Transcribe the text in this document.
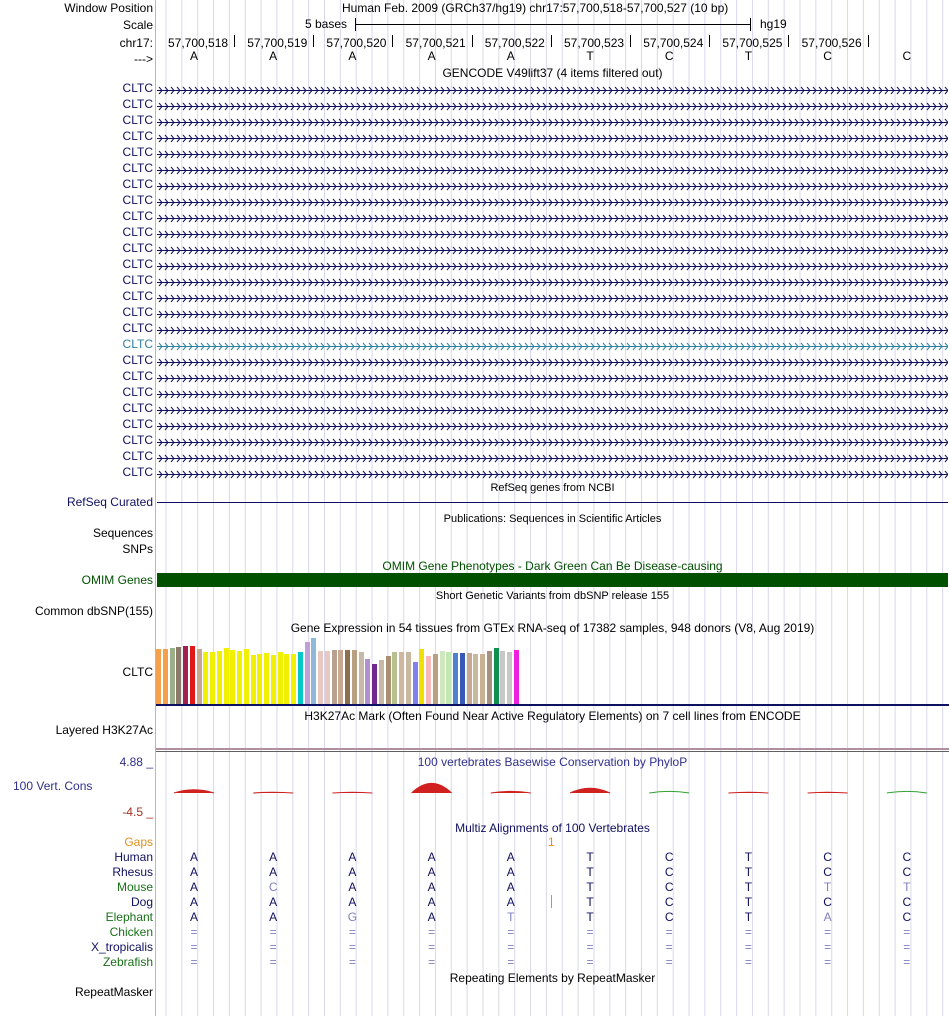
Window Position	Human Feb. 2009 (GRCh37/hg19) chr17:57,700,518-57,700,527 (10 bp)
Scale	5 bases	hg19
chr17: 57,700,518 57,700,519 57,700,520 57,700,521 57,700,522 57,700,523 57,700,524 57,700,525 57,700,526
--->	A	A	A	A	A	T	C	T	C	C
GENCODE V49lift37 (4 items filtered out)
CLTC
CLTC
CLTC
CLTC
CLTC
CLTC
CLTC
CLTC
CLTC
CLTC
CLTC
CLTC
CLTC
CLTC
CLTC
CLTC
CLTC
CLTC
CLTC
CLTC
CLTC
CLTC
CLTC
CLTC
CLTC
RefSeq genes from NCBI
RefSeq Curated
Publications: Sequences in Scientific Articles
Sequences
SNPs
OMIM Gene Phenotypes - Dark Green Can Be Disease-causing
OMIM Genes
Short Genetic Variants from dbSNP release 155
Common dbSNP(155)
Gene Expression in 54 tissues from GTEx RNA-seq of 17382 samples, 948 donors (V8, Aug 2019)
CLTC
H3K27Ac Mark (Often Found Near Active Regulatory Elements) on 7 cell lines from ENCODE
Layered H3K27Ac
100 vertebrates Basewise Conservation by PhyloP
4.88 _
100 Vert. Cons
-4.5 _
Multiz Alignments of 100 Vertebrates
Gaps	1
Human	A	A	A	A	A	T	C	T	C	C
Rhesus	A	A	A	A	A	T	C	T	C	C
Mouse	A	C	A	A	A	T	C	T	T	T
Dog	A	A	A	A	A	T	C	T	C	C
Elephant	A	A	G	A	T	T	C	T	A	C
Chicken	=	=	=	=	=	=	=	=	=	=
X_tropicalis	=	=	=	=	=	=	=	=	=	=
Zebrafish	=	=	=	=	=	=	=	=	=	=
Repeating Elements by RepeatMasker
RepeatMasker
